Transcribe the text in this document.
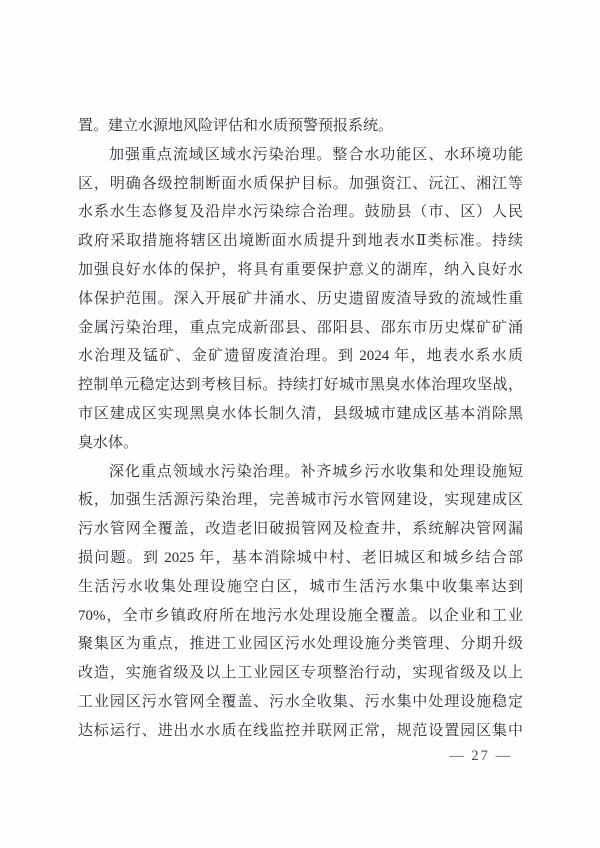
置。建立水源地风险评估和水质预警预报系统。
加强重点流域区域水污染治理。整合水功能区、水环境功能
区，明确各级控制断面水质保护目标。加强资江、沅江、湘江等
水系水生态修复及沿岸水污染综合治理。鼓励县（市、区）人民
政府采取措施将辖区出境断面水质提升到地表水Ⅱ类标准。持续
加强良好水体的保护，将具有重要保护意义的湖库，纳入良好水
体保护范围。深入开展矿井涌水、历史遗留废渣导致的流域性重
金属污染治理，重点完成新邵县、邵阳县、邵东市历史煤矿矿涌
水治理及锰矿、金矿遗留废渣治理。到 2024 年，地表水系水质
控制单元稳定达到考核目标。持续打好城市黑臭水体治理攻坚战，
市区建成区实现黑臭水体长制久清，县级城市建成区基本消除黑
臭水体。
深化重点领域水污染治理。补齐城乡污水收集和处理设施短
板，加强生活源污染治理，完善城市污水管网建设，实现建成区
污水管网全覆盖，改造老旧破损管网及检查井，系统解决管网漏
损问题。到 2025 年，基本消除城中村、老旧城区和城乡结合部
生活污水收集处理设施空白区，城市生活污水集中收集率达到
70%，全市乡镇政府所在地污水处理设施全覆盖。以企业和工业
聚集区为重点，推进工业园区污水处理设施分类管理、分期升级
改造，实施省级及以上工业园区专项整治行动，实现省级及以上
工业园区污水管网全覆盖、污水全收集、污水集中处理设施稳定
达标运行、进出水水质在线监控并联网正常，规范设置园区集中
— 27 —
